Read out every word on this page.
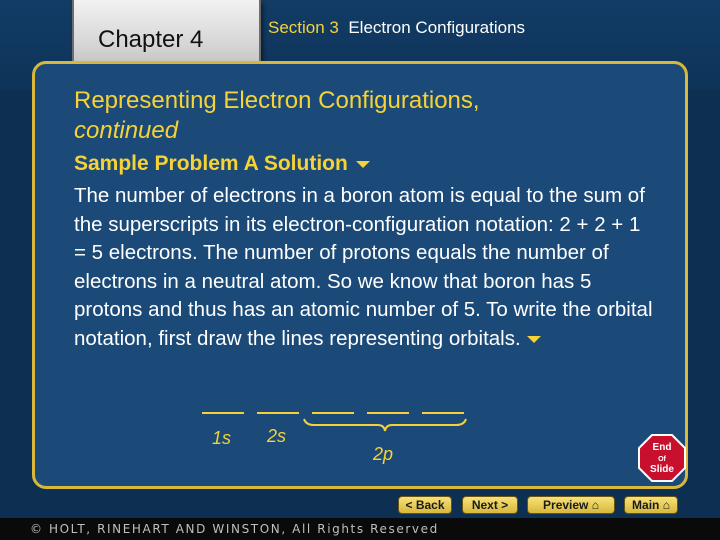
Chapter 4	Section 3 Electron Configurations
Representing Electron Configurations,
continued
Sample Problem A Solution
The number of electrons in a boron atom is equal to the sum of the superscripts in its electron-configuration notation: 2 + 2 + 1 = 5 electrons. The number of protons equals the number of electrons in a neutral atom. So we know that boron has 5 protons and thus has an atomic number of 5. To write the orbital notation, first draw the lines representing orbitals.
1s 2s
2p	End
Of
Slide
< Back Next >	Preview
⌂	Main
⌂
© HOLT, RINEHART AND WINSTON, All Rights Reserved
